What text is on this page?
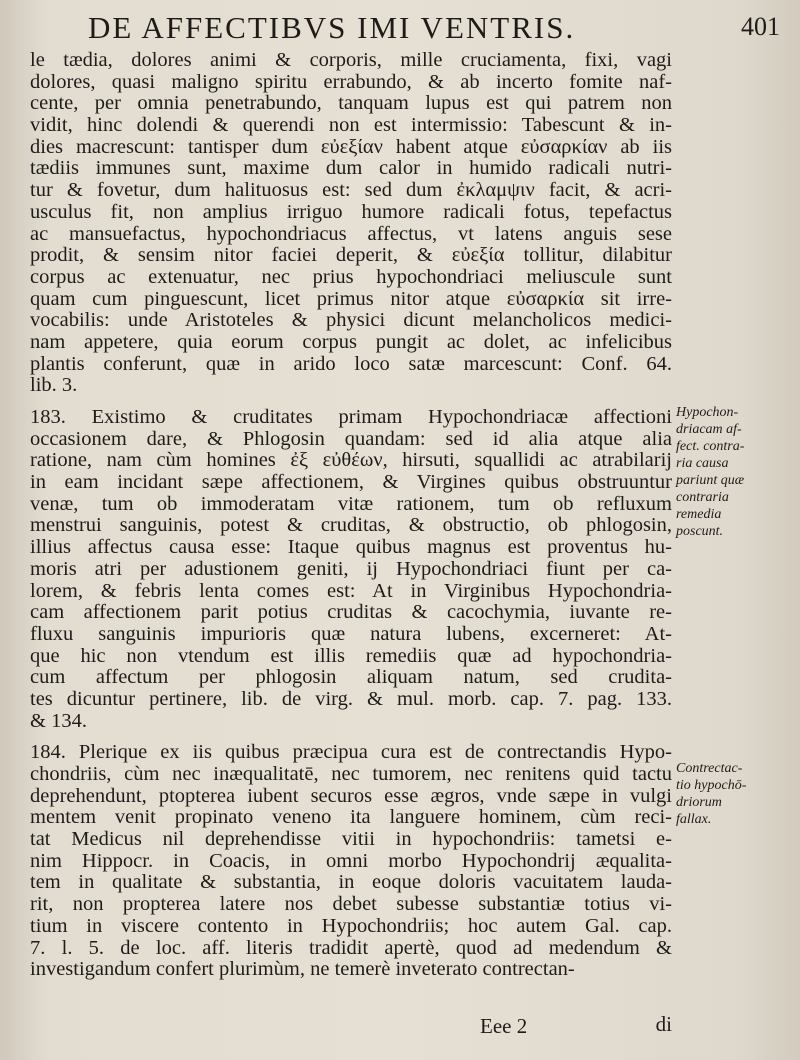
DE AFFECTIBVS IMI VENTRIS.	401
le tædia, dolores animi & corporis, mille cruciamenta, fixi, vagi
dolores, quasi maligno spiritu errabundo, & ab incerto fomite naf-
cente, per omnia penetrabundo, tanquam lupus est qui patrem non
vidit, hinc dolendi & querendi non est intermissio: Tabescunt & in-
dies macrescunt: tantisper dum εὐεξίαν habent atque εὐσαρκίαν ab iis
tædiis immunes sunt, maxime dum calor in humido radicali nutri-
tur & fovetur, dum halituosus est: sed dum ἐκλαμψιν facit, & acri-
usculus fit, non amplius irriguo humore radicali fotus, tepefactus
ac mansuefactus, hypochondriacus affectus, vt latens anguis sese
prodit, & sensim nitor faciei deperit, & εὐεξία tollitur, dilabitur
corpus ac extenuatur, nec prius hypochondriaci meliuscule sunt
quam cum pinguescunt, licet primus nitor atque εὐσαρκία sit irre-
vocabilis: unde Aristoteles & physici dicunt melancholicos medici-
nam appetere, quia eorum corpus pungit ac dolet, ac infelicibus
plantis conferunt, quæ in arido loco satæ marcescunt: Conf. 64.
lib. 3.
183. Existimo & cruditates primam Hypochondriacæ affectioni
occasionem dare, & Phlogosin quandam: sed id alia atque alia
ratione, nam cùm homines ἐξ εὐθέων, hirsuti, squallidi ac atrabilarij
in eam incidant sæpe affectionem, & Virgines quibus obstruuntur
venæ, tum ob immoderatam vitæ rationem, tum ob refluxum
menstrui sanguinis, potest & cruditas, & obstructio, ob phlogosin,
illius affectus causa esse: Itaque quibus magnus est proventus hu-
moris atri per adustionem geniti, ij Hypochondriaci fiunt per ca-
lorem, & febris lenta comes est: At in Virginibus Hypochondria-
cam affectionem parit potius cruditas & cacochymia, iuvante re-
fluxu sanguinis impurioris quæ natura lubens, excerneret: At-
que hic non vtendum est illis remediis quæ ad hypochondria-
cum affectum per phlogosin aliquam natum, sed crudita-
tes dicuntur pertinere, lib. de virg. & mul. morb. cap. 7. pag. 133.
& 134.
184. Plerique ex iis quibus præcipua cura est de contrectandis Hypo-
chondriis, cùm nec inæqualitatē, nec tumorem, nec renitens quid tactu
deprehendunt, ptopterea iubent securos esse ægros, vnde sæpe in vulgi
mentem venit propinato veneno ita languere hominem, cùm reci-
tat Medicus nil deprehendisse vitii in hypochondriis: tametsi e-
nim Hippocr. in Coacis, in omni morbo Hypochondrij æqualita-
tem in qualitate & substantia, in eoque doloris vacuitatem lauda-
rit, non propterea latere nos debet subesse substantiæ totius vi-
tium in viscere contento in Hypochondriis; hoc autem Gal. cap.
7. l. 5. de loc. aff. literis tradidit apertè, quod ad medendum &
investigandum confert plurimùm, ne temerè inveterato contrectan-
Hypochon-
driacam af-
fect. contra-
ria causa
pariunt quæ
contraria
remedia
poscunt.
Contrectac-
tio hypochō-
driorum
fallax.
Eee 2	di
